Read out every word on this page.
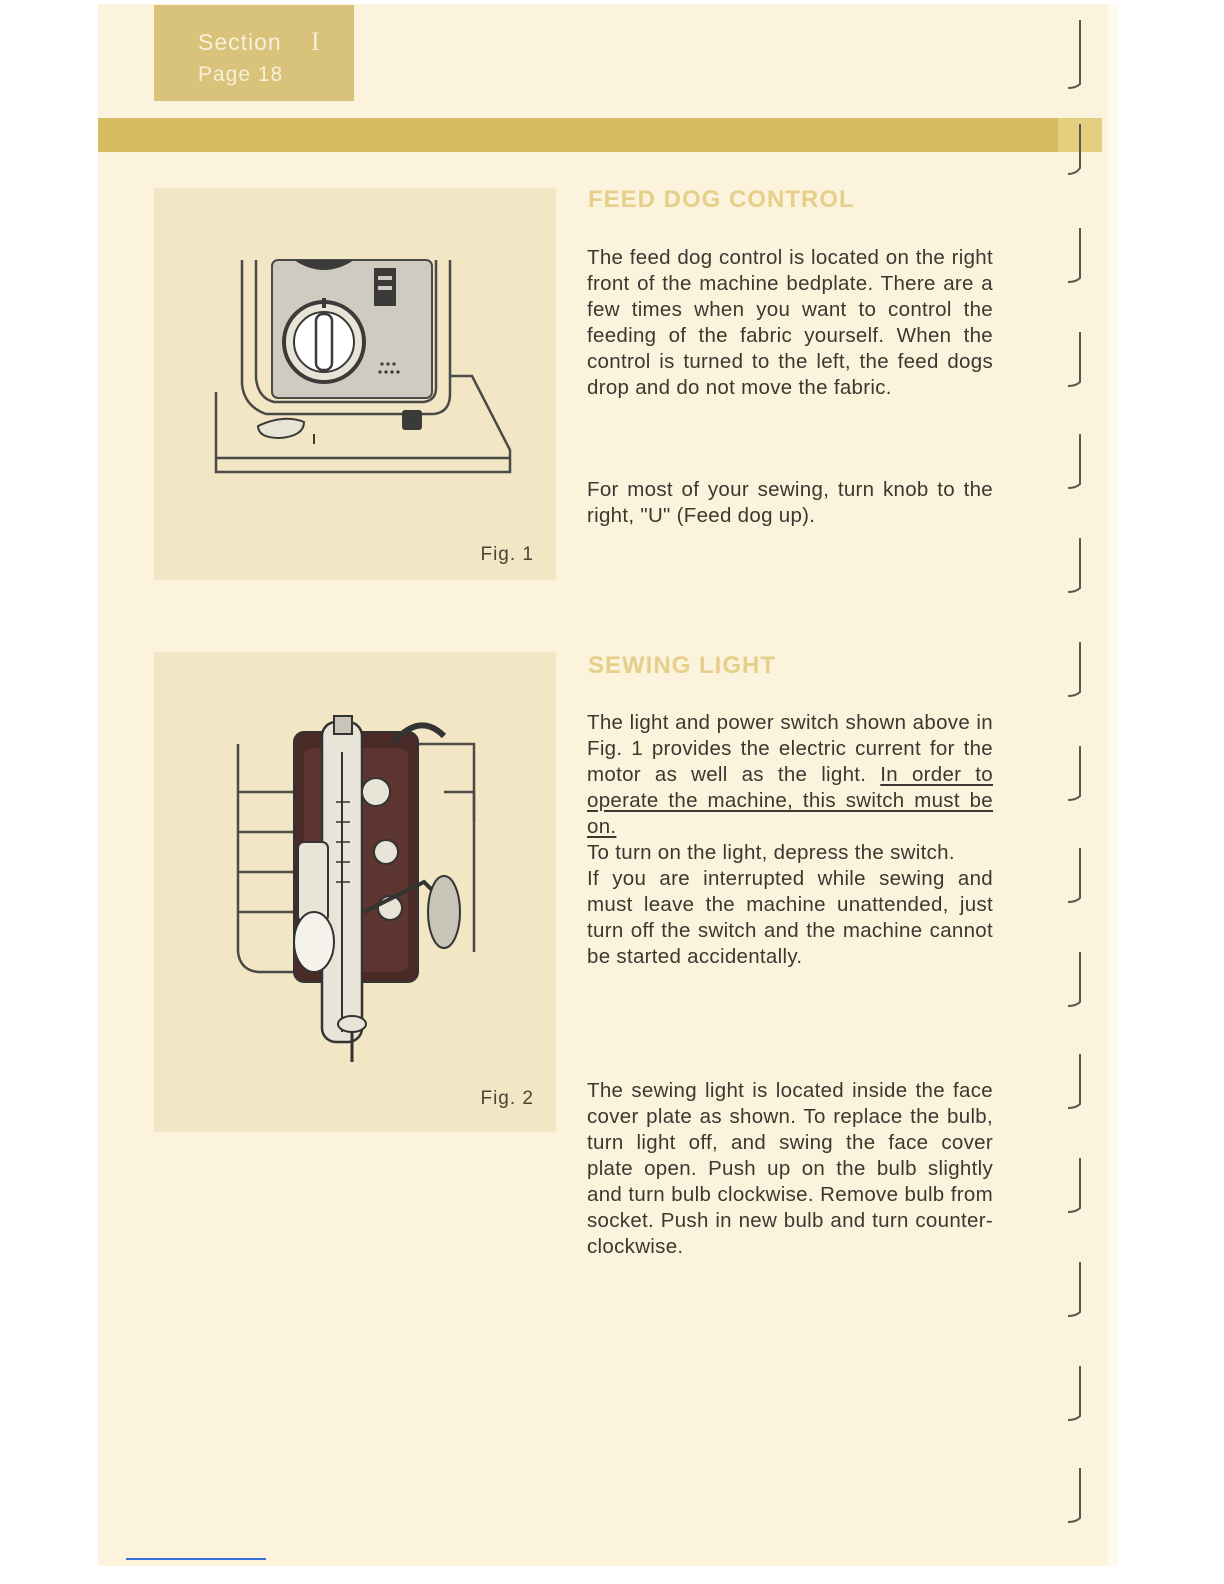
Section I
Page 18
Fig. 1
Fig. 2
FEED DOG CONTROL

The feed dog control is located on the right front of the machine bedplate. There are a few times when you want to control the feeding of the fabric yourself. When the control is turned to the left, the feed dogs drop and do not move the fabric.

For most of your sewing, turn knob to the right, "U" (Feed dog up).

SEWING LIGHT

The light and power switch shown above in Fig. 1 provides the electric current for the motor as well as the light. In order to operate the machine, this switch must be on.

To turn on the light, depress the switch.

If you are interrupted while sewing and must leave the machine unattended, just turn off the switch and the machine cannot be started accidentally.

The sewing light is located inside the face cover plate as shown. To replace the bulb, turn light off, and swing the face cover plate open. Push up on the bulb slightly and turn bulb clockwise. Remove bulb from socket. Push in new bulb and turn counter-clockwise.
